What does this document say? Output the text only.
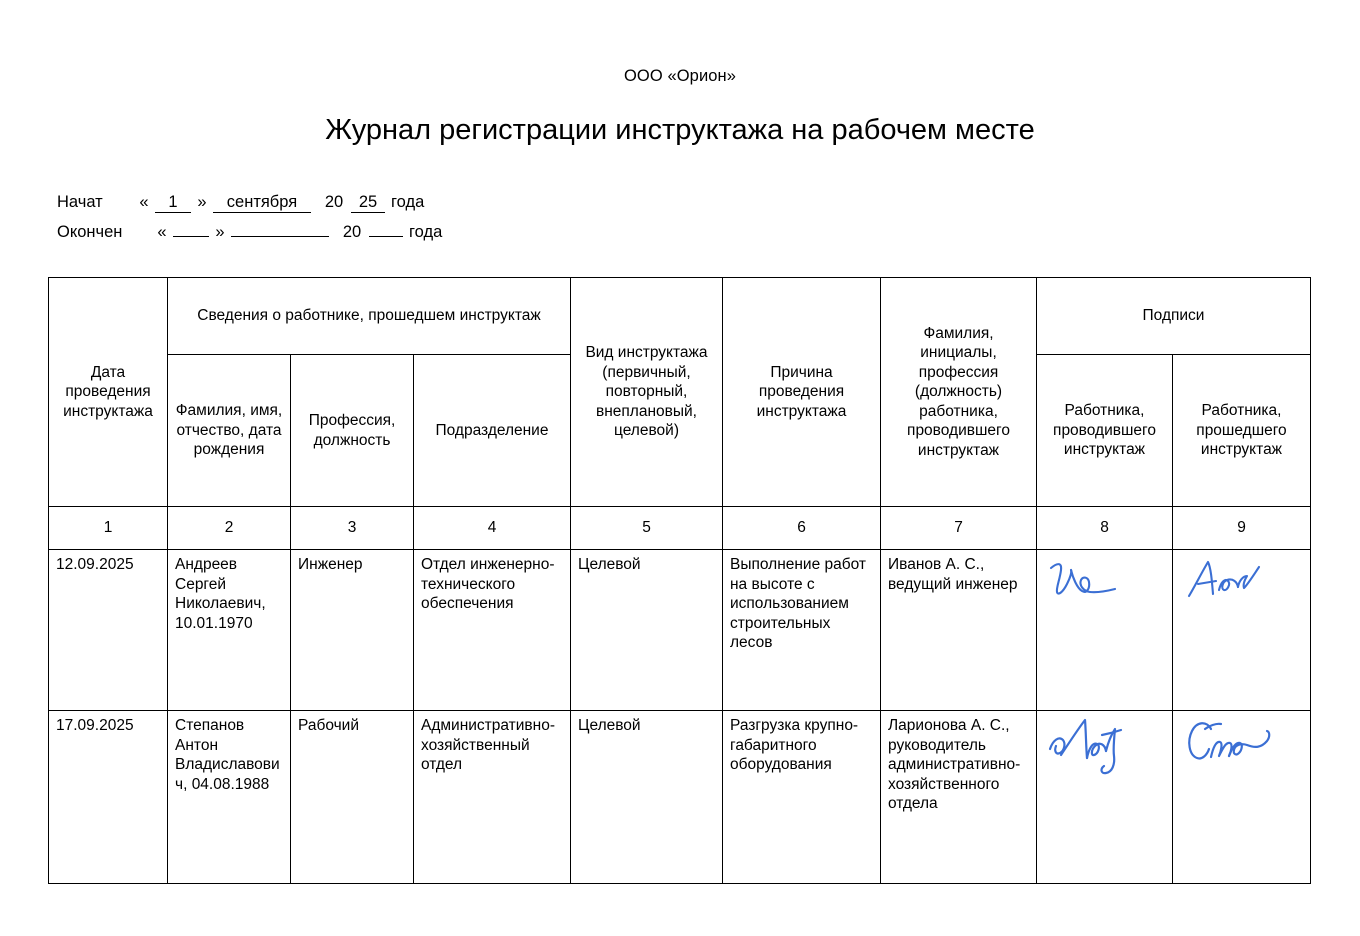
ООО «Орион»
Журнал регистрации инструктажа на рабочем месте
Начат	«	1	»	сентября	20 25 года
Окончен	«	»	20	года
Дата проведения инструктажа	Сведения о работнике, прошедшем инструктаж			Вид инструктажа (первичный, повторный, внеплановый, целевой)	Причина проведения инструктажа	Фамилия, инициалы, профессия (должность) работника, проводившего инструктаж	Подписи	
	Фамилия, имя, отчество, дата рождения	Профессия, должность	Подразделение				Работника, проводившего инструктаж	Работника, прошедшего инструктаж
1	2	3	4	5	6	7	8	9
12.09.2025	Андреев Сергей Николаевич, 10.01.1970	Инженер	Отдел инженерно-технического обеспечения	Целевой	Выполнение работ на высоте с использованием строительных лесов	Иванов А. С., ведущий инженер	

17.09.2025	Степанов Антон Владиславович, 04.08.1988	Рабочий	Административно-хозяйственный отдел	Целевой	Разгрузка крупно-габаритного оборудования	Ларионова А. С., руководитель административно-хозяйственного отдела	
